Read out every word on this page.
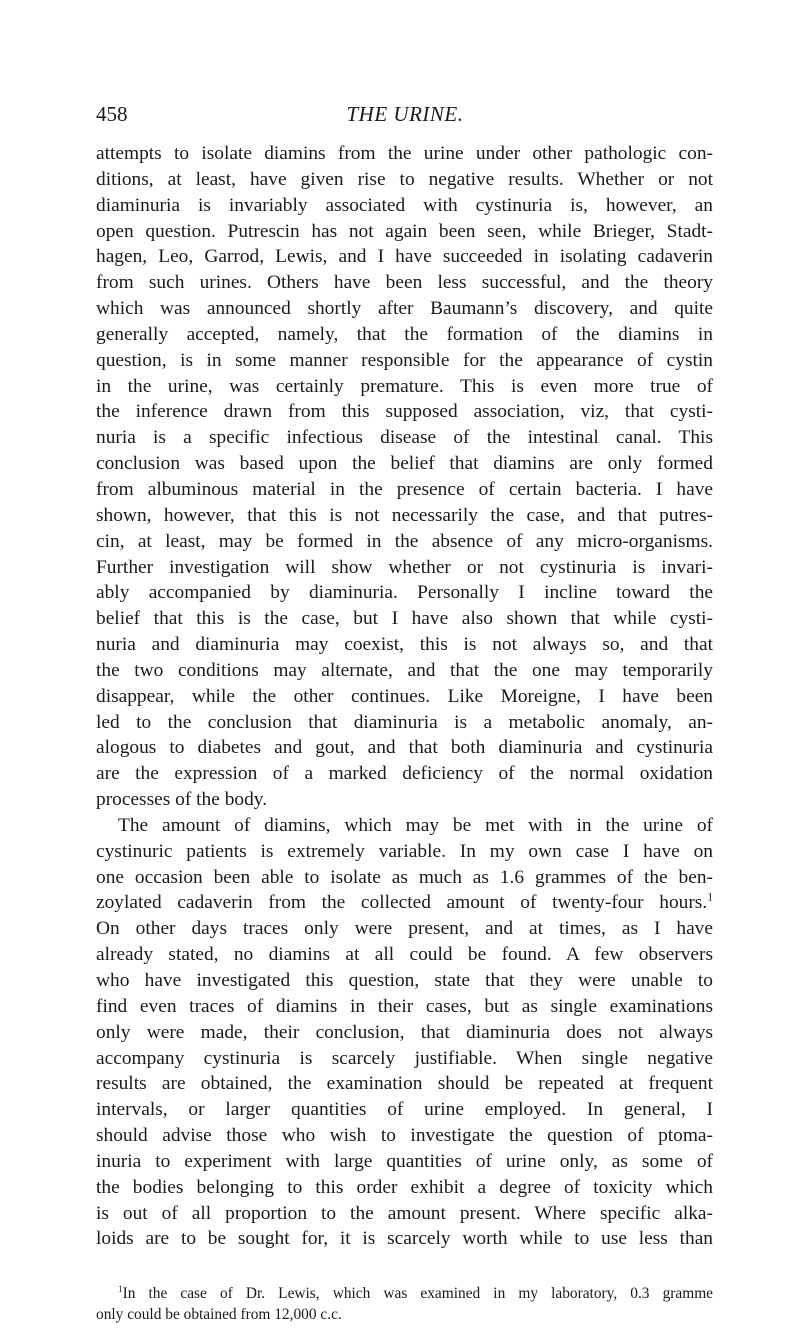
458	THE URINE.
attempts to isolate diamins from the urine under other pathologic con-
ditions, at least, have given rise to negative results. Whether or not
diaminuria is invariably associated with cystinuria is, however, an
open question. Putrescin has not again been seen, while Brieger, Stadt-
hagen, Leo, Garrod, Lewis, and I have succeeded in isolating cadaverin
from such urines. Others have been less successful, and the theory
which was announced shortly after Baumann’s discovery, and quite
generally accepted, namely, that the formation of the diamins in
question, is in some manner responsible for the appearance of cystin
in the urine, was certainly premature. This is even more true of
the inference drawn from this supposed association, viz, that cysti-
nuria is a specific infectious disease of the intestinal canal. This
conclusion was based upon the belief that diamins are only formed
from albuminous material in the presence of certain bacteria. I have
shown, however, that this is not necessarily the case, and that putres-
cin, at least, may be formed in the absence of any micro-organisms.
Further investigation will show whether or not cystinuria is invari-
ably accompanied by diaminuria. Personally I incline toward the
belief that this is the case, but I have also shown that while cysti-
nuria and diaminuria may coexist, this is not always so, and that
the two conditions may alternate, and that the one may temporarily
disappear, while the other continues. Like Moreigne, I have been
led to the conclusion that diaminuria is a metabolic anomaly, an-
alogous to diabetes and gout, and that both diaminuria and cystinuria
are the expression of a marked deficiency of the normal oxidation
processes of the body.
The amount of diamins, which may be met with in the urine of
cystinuric patients is extremely variable. In my own case I have on
one occasion been able to isolate as much as 1.6 grammes of the ben-
zoylated cadaverin from the collected amount of twenty-four hours.$^1$
On other days traces only were present, and at times, as I have
already stated, no diamins at all could be found. A few observers
who have investigated this question, state that they were unable to
find even traces of diamins in their cases, but as single examinations
only were made, their conclusion, that diaminuria does not always
accompany cystinuria is scarcely justifiable. When single negative
results are obtained, the examination should be repeated at frequent
intervals, or larger quantities of urine employed. In general, I
should advise those who wish to investigate the question of ptoma-
inuria to experiment with large quantities of urine only, as some of
the bodies belonging to this order exhibit a degree of toxicity which
is out of all proportion to the amount present. Where specific alka-
loids are to be sought for, it is scarcely worth while to use less than
$^1$In the case of Dr. Lewis, which was examined in my laboratory, 0.3 gramme
only could be obtained from 12,000 c.c.
